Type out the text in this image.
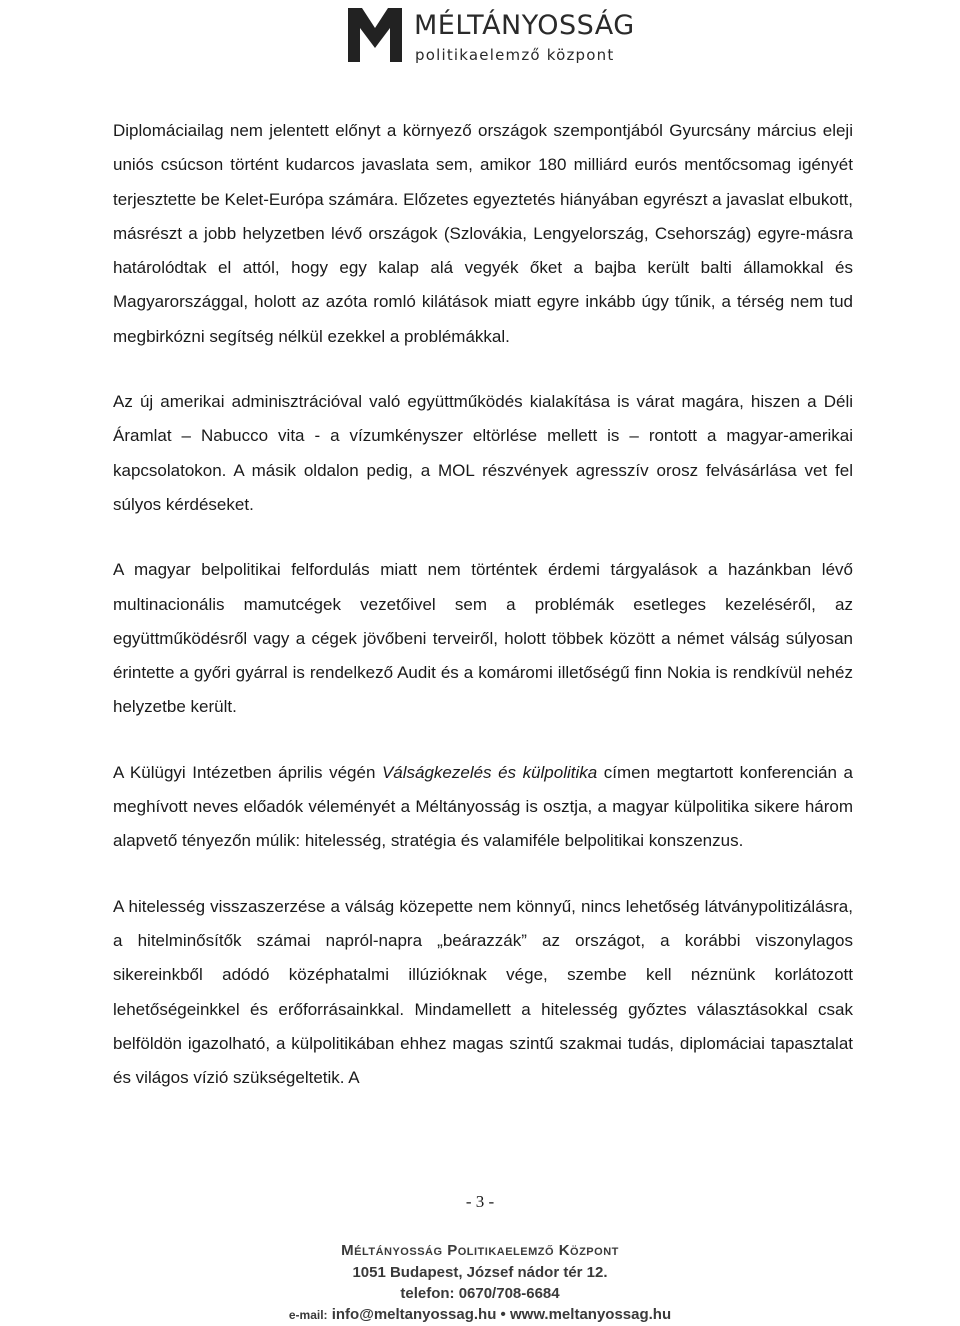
MÉLTÁNYOSSÁG
politikaelemző központ

Diplomáciailag nem jelentett előnyt a környező országok szempontjából Gyurcsány március eleji uniós csúcson történt kudarcos javaslata sem, amikor 180 milliárd eurós mentőcsomag igényét terjesztette be Kelet-Európa számára. Előzetes egyeztetés hiányában egyrészt a javaslat elbukott, másrészt a jobb helyzetben lévő országok (Szlovákia, Lengyelország, Csehország) egyre-másra határolódtak el attól, hogy egy kalap alá vegyék őket a bajba került balti államokkal és Magyarországgal, holott az azóta romló kilátások miatt egyre inkább úgy tűnik, a térség nem tud megbirkózni segítség nélkül ezekkel a problémákkal.

Az új amerikai adminisztrációval való együttműködés kialakítása is várat magára, hiszen a Déli Áramlat – Nabucco vita - a vízumkényszer eltörlése mellett is – rontott a magyar-amerikai kapcsolatokon. A másik oldalon pedig, a MOL részvények agresszív orosz felvásárlása vet fel súlyos kérdéseket.

A magyar belpolitikai felfordulás miatt nem történtek érdemi tárgyalások a hazánkban lévő multinacionális mamutcégek vezetőivel sem a problémák esetleges kezeléséről, az együttműködésről vagy a cégek jövőbeni terveiről, holott többek között a német válság súlyosan érintette a győri gyárral is rendelkező Audit és a komáromi illetőségű finn Nokia is rendkívül nehéz helyzetbe került.

A Külügyi Intézetben április végén Válságkezelés és külpolitika címen megtartott konferencián a meghívott neves előadók véleményét a Méltányosság is osztja, a magyar külpolitika sikere három alapvető tényezőn múlik: hitelesség, stratégia és valamiféle belpolitikai konszenzus.

A hitelesség visszaszerzése a válság közepette nem könnyű, nincs lehetőség látványpolitizálásra, a hitelminősítők számai napról-napra „beárazzák” az országot, a korábbi viszonylagos sikereinkből adódó középhatalmi illúzióknak vége, szembe kell néznünk korlátozott lehetőségeinkkel és erőforrásainkkal. Mindamellett a hitelesség győztes választásokkal csak belföldön igazolható, a külpolitikában ehhez magas szintű szakmai tudás, diplomáciai tapasztalat és világos vízió szükségeltetik. A

- 3 -
Méltányosság Politikaelemző Központ
1051 Budapest, József nádor tér 12.
telefon: 0670/708-6684
e-mail: info@meltanyossag.hu • www.meltanyossag.hu
